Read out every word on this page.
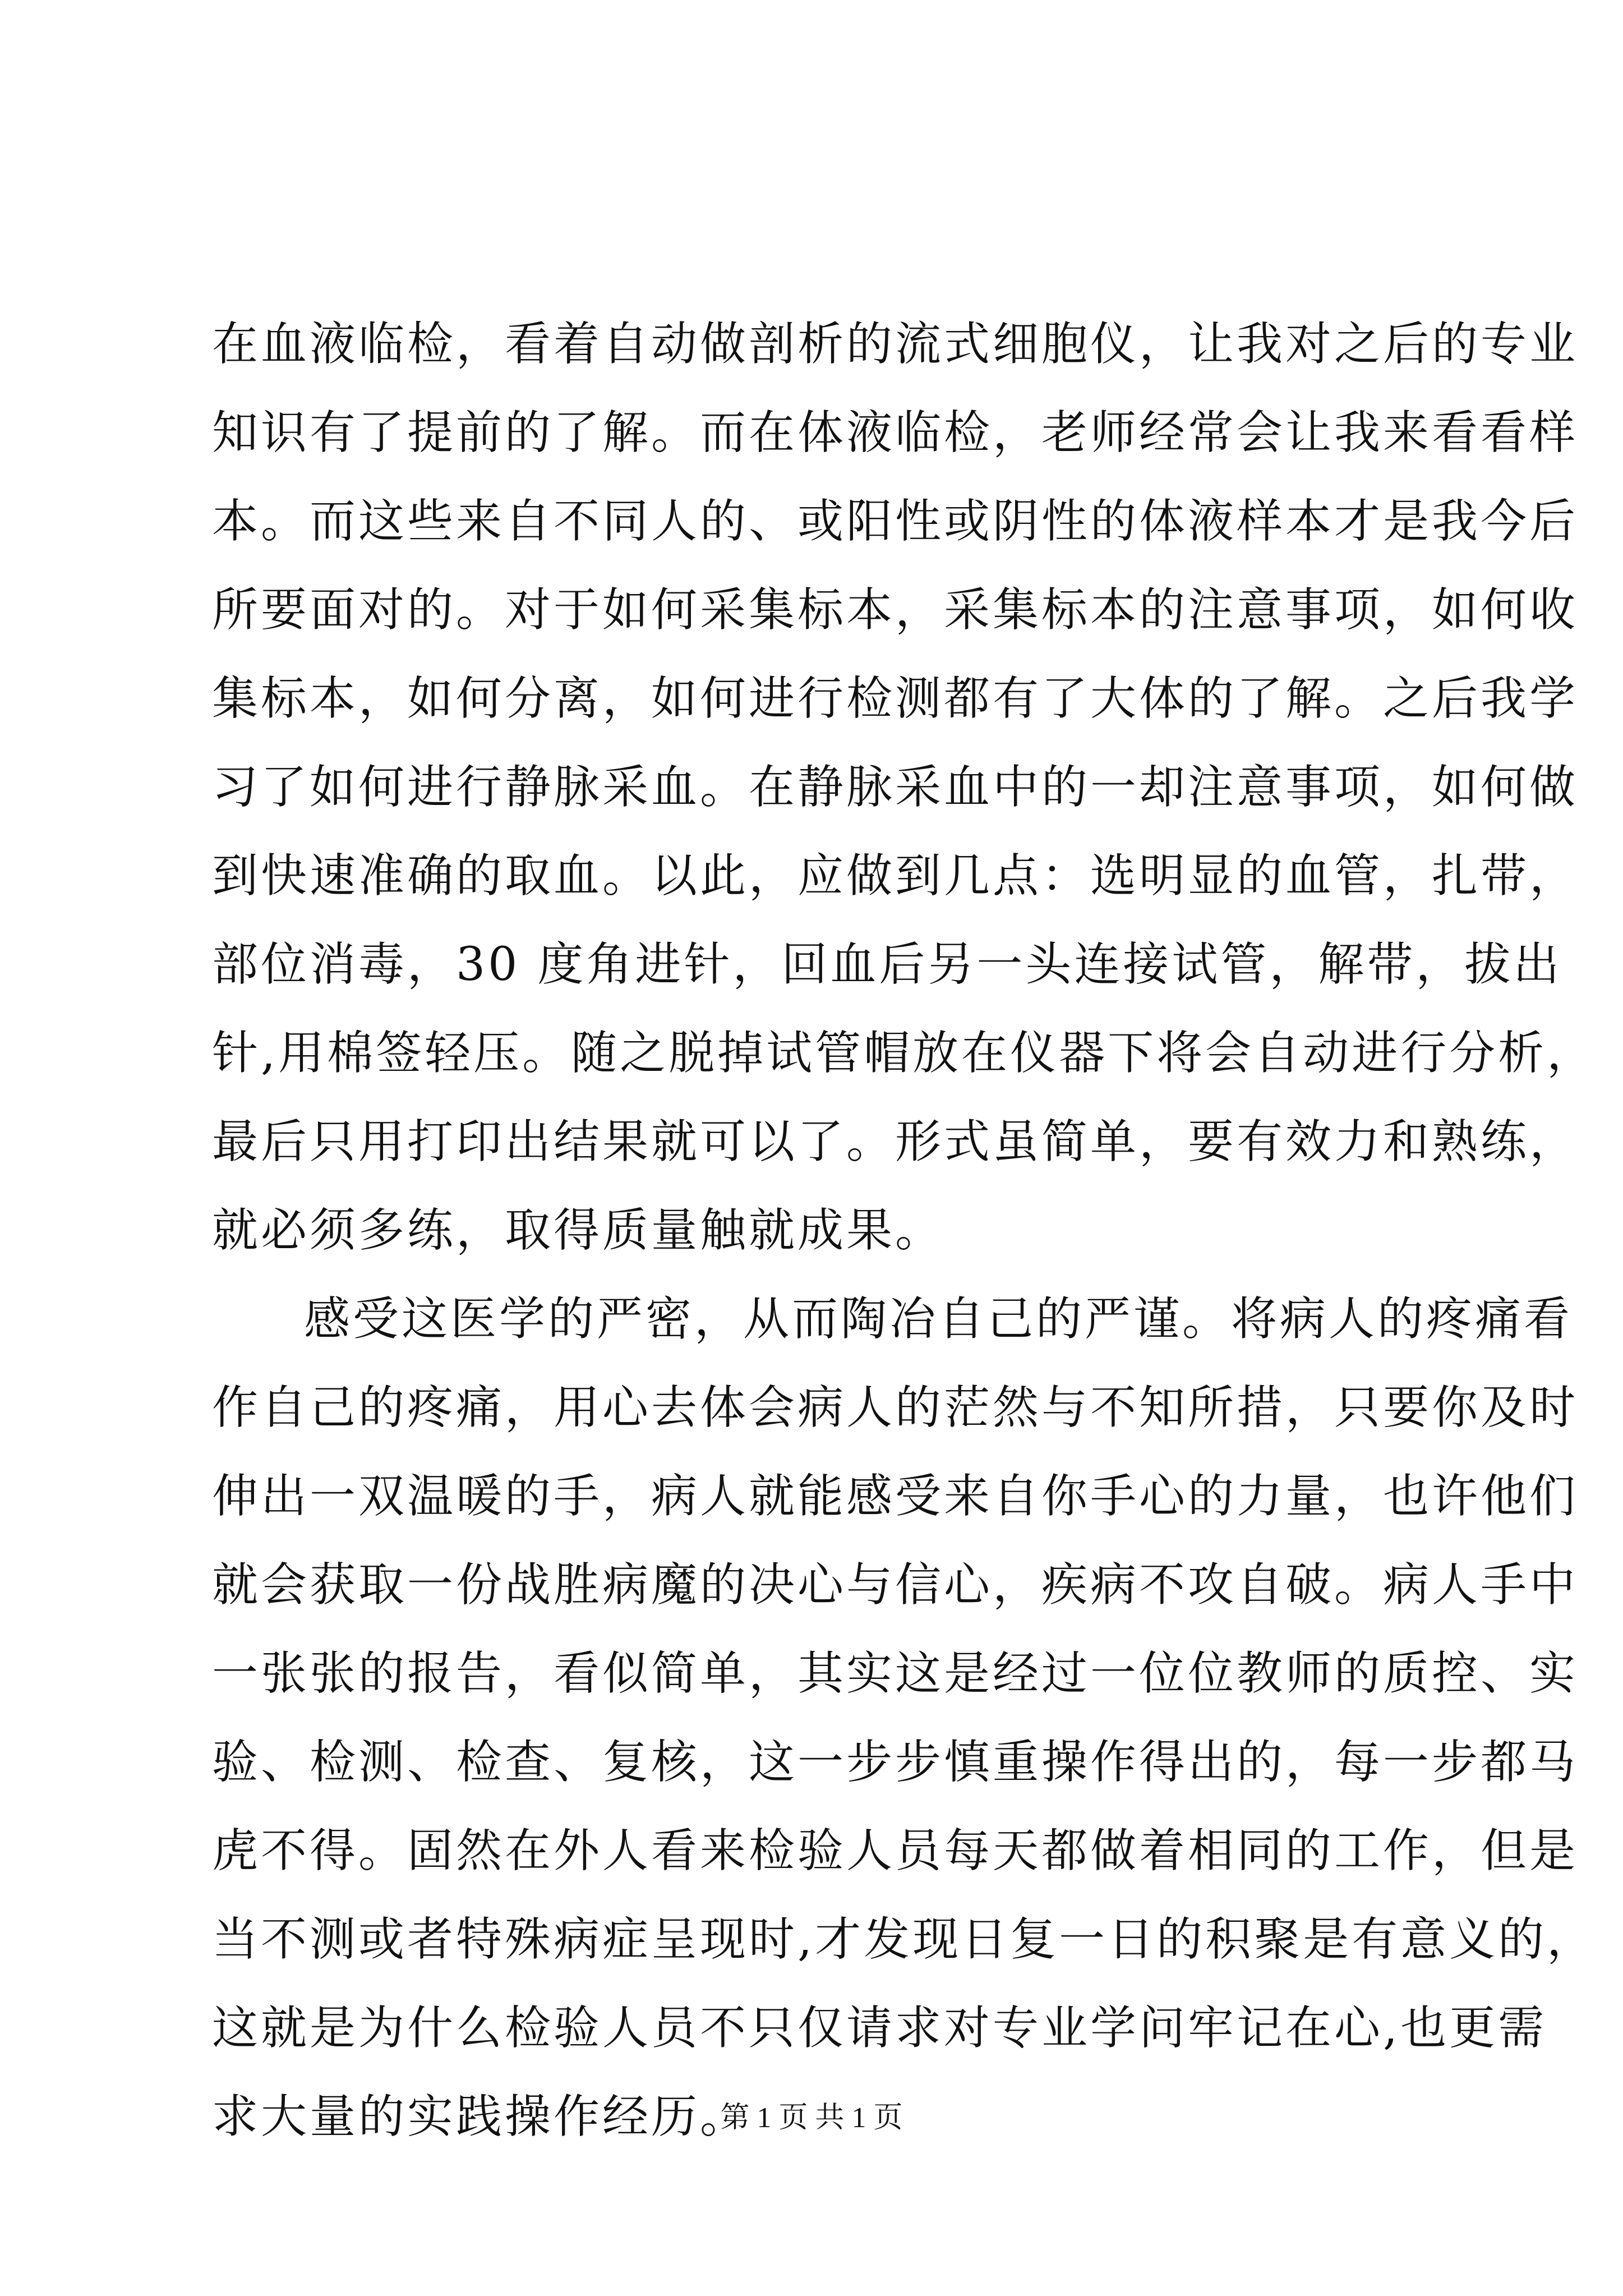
在血液临检，看着自动做剖析的流式细胞仪，让我对之后的专业
知识有了提前的了解。而在体液临检，老师经常会让我来看看样
本。而这些来自不同人的、或阳性或阴性的体液样本才是我今后
所要面对的。对于如何采集标本，采集标本的注意事项，如何收
集标本，如何分离，如何进行检测都有了大体的了解。之后我学
习了如何进行静脉采血。在静脉采血中的一却注意事项，如何做
到快速准确的取血。以此，应做到几点：选明显的血管，扎带，
部位消毒，30 度角进针，回血后另一头连接试管，解带，拔出
针,用棉签轻压。随之脱掉试管帽放在仪器下将会自动进行分析，
最后只用打印出结果就可以了。形式虽简单，要有效力和熟练，
就必须多练，取得质量触就成果。
感受这医学的严密，从而陶冶自己的严谨。将病人的疼痛看
作自己的疼痛，用心去体会病人的茫然与不知所措，只要你及时
伸出一双温暖的手，病人就能感受来自你手心的力量，也许他们
就会获取一份战胜病魔的决心与信心，疾病不攻自破。病人手中
一张张的报告，看似简单，其实这是经过一位位教师的质控、实
验、检测、检查、复核，这一步步慎重操作得出的，每一步都马
虎不得。固然在外人看来检验人员每天都做着相同的工作，但是
当不测或者特殊病症呈现时,才发现日复一日的积聚是有意义的，
这就是为什么检验人员不只仅请求对专业学问牢记在心,也更需
求大量的实践操作经历。
第 1 页 共 1 页
